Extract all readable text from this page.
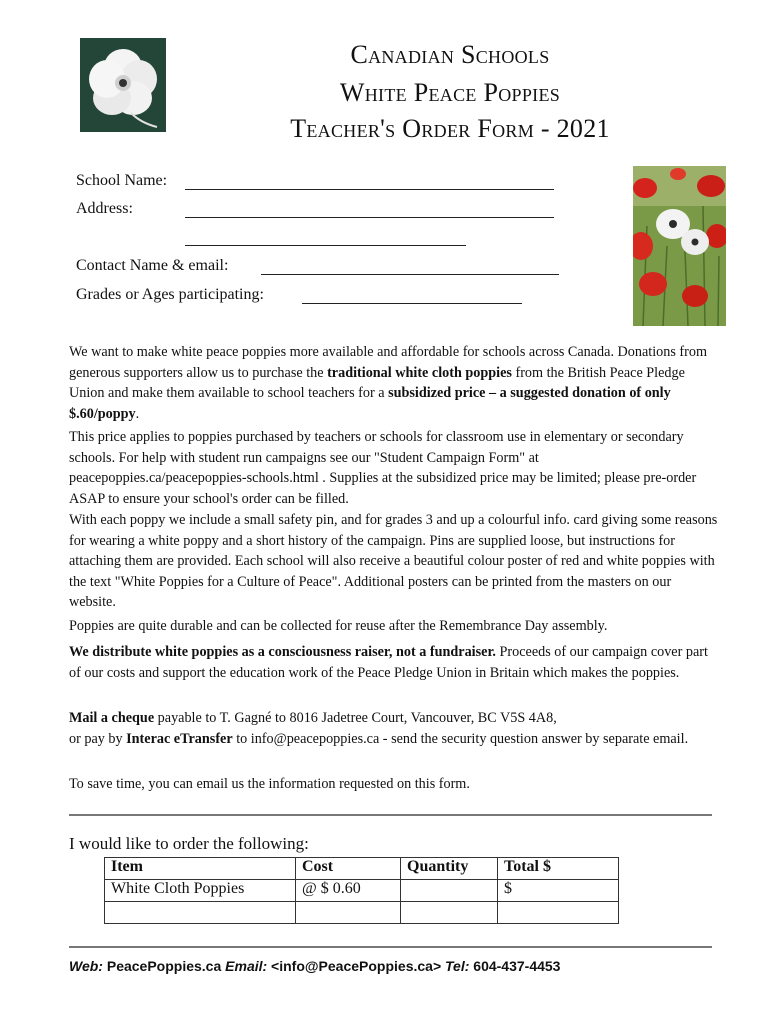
Canadian Schools
White Peace Poppies
Teacher's Order Form - 2021
School Name:
Address:
Contact Name & email:
Grades or Ages participating:
We want to make white peace poppies more available and affordable for schools across Canada. Donations from generous supporters allow us to purchase the traditional white cloth poppies from the British Peace Pledge Union and make them available to school teachers for a subsidized price – a suggested donation of only $.60/poppy.
This price applies to poppies purchased by teachers or schools for classroom use in elementary or secondary schools. For help with student run campaigns see our "Student Campaign Form" at peacepoppies.ca/peacepoppies-schools.html . Supplies at the subsidized price may be limited; please pre-order ASAP to ensure your school's order can be filled.
With each poppy we include a small safety pin, and for grades 3 and up a colourful info. card giving some reasons for wearing a white poppy and a short history of the campaign. Pins are supplied loose, but instructions for attaching them are provided. Each school will also receive a beautiful colour poster of red and white poppies with the text "White Poppies for a Culture of Peace". Additional posters can be printed from the masters on our website.
Poppies are quite durable and can be collected for reuse after the Remembrance Day assembly.
We distribute white poppies as a consciousness raiser, not a fundraiser. Proceeds of our campaign cover part of our costs and support the education work of the Peace Pledge Union in Britain which makes the poppies.
Mail a cheque payable to T. Gagné to 8016 Jadetree Court, Vancouver, BC V5S 4A8,
or pay by Interac eTransfer to info@peacepoppies.ca - send the security question answer by separate email.
To save time, you can email us the information requested on this form.
I would like to order the following:
Item	Cost	Quantity	Total $
White Cloth Poppies	@ $ 0.60		$

Web: PeacePoppies.ca Email: <info@PeacePoppies.ca> Tel: 604-437-4453
